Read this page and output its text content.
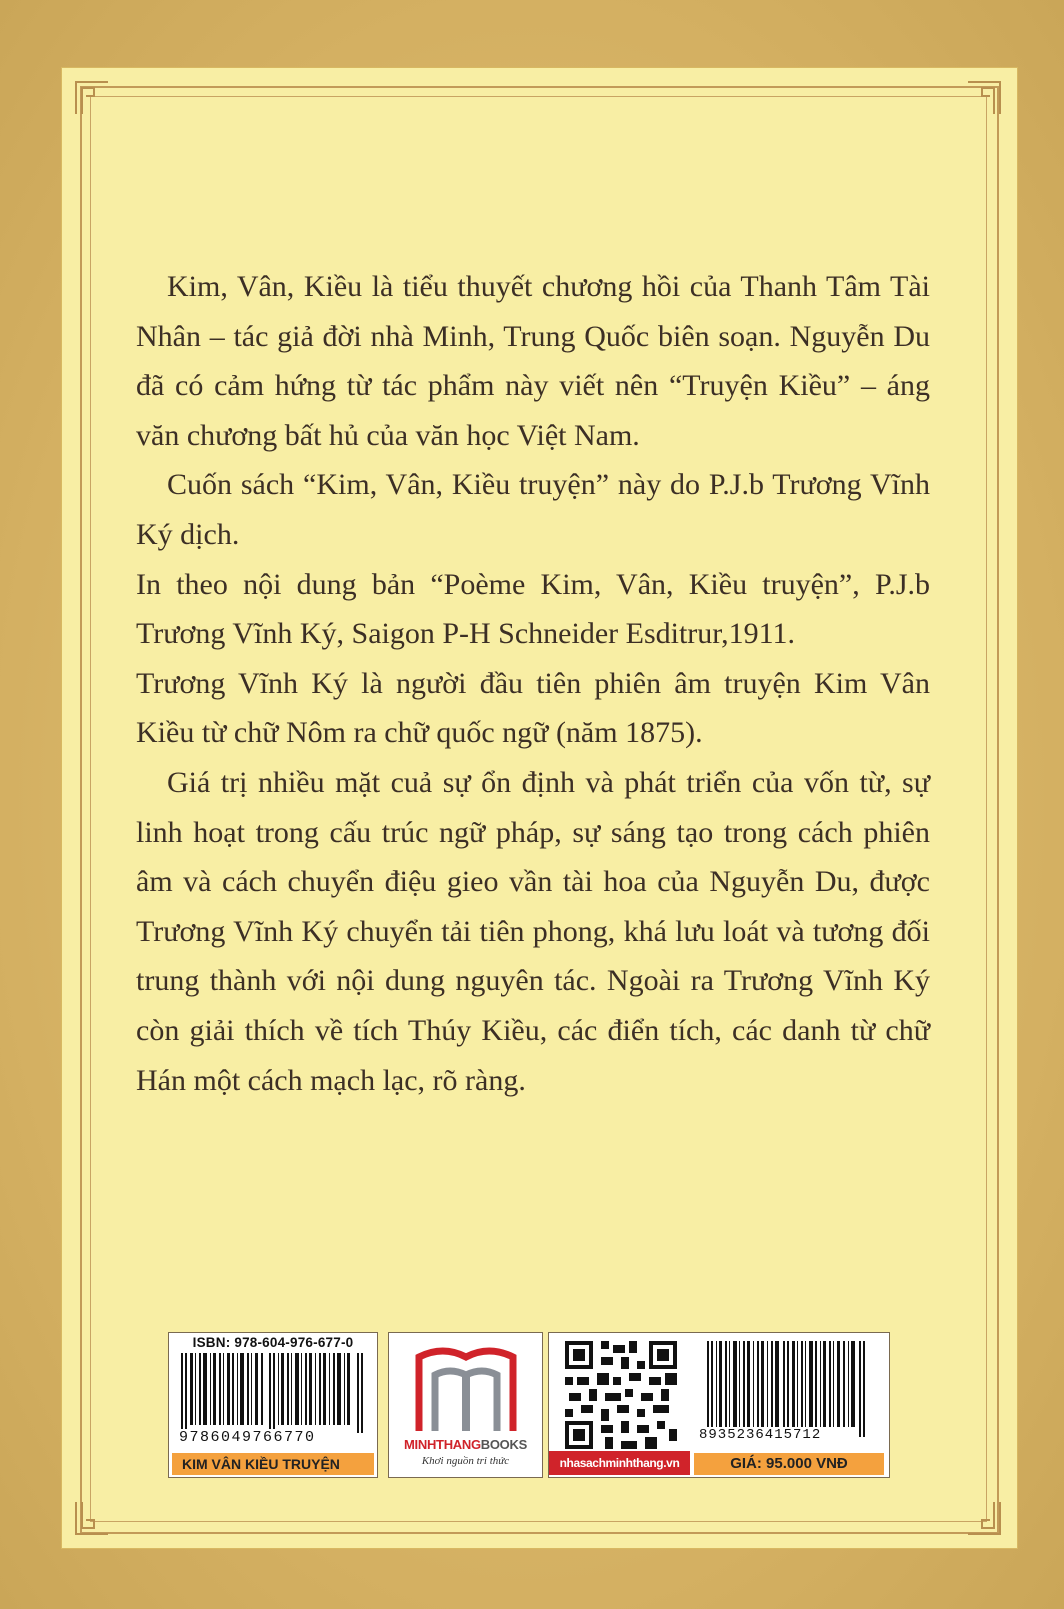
Kim, Vân, Kiều là tiểu thuyết chương hồi của Thanh Tâm Tài Nhân – tác giả đời nhà Minh, Trung Quốc biên soạn. Nguyễn Du đã có cảm hứng từ tác phẩm này viết nên “Truyện Kiều” – áng văn chương bất hủ của văn học Việt Nam.

Cuốn sách “Kim, Vân, Kiều truyện” này do P.J.b Trương Vĩnh Ký dịch.

In theo nội dung bản “Poème Kim, Vân, Kiều truyện”, P.J.b Trương Vĩnh Ký, Saigon P-H Schneider Esditrur,1911.

Trương Vĩnh Ký là người đầu tiên phiên âm truyện Kim Vân Kiều từ chữ Nôm ra chữ quốc ngữ (năm 1875).

Giá trị nhiều mặt cuả sự ổn định và phát triển của vốn từ, sự linh hoạt trong cấu trúc ngữ pháp, sự sáng tạo trong cách phiên âm và cách chuyển điệu gieo vần tài hoa của Nguyễn Du, được Trương Vĩnh Ký chuyển tải tiên phong, khá lưu loát và tương đối trung thành với nội dung nguyên tác. Ngoài ra Trương Vĩnh Ký còn giải thích về tích Thúy Kiều, các điển tích, các danh từ chữ Hán một cách mạch lạc, rõ ràng.

ISBN: 978-604-976-677-0
9786049766770
KIM VÂN KIỀU TRUYỆN
MINHTHANGBOOKS
Khơi nguồn tri thức
8935236415712
nhasachminhthang.vn	GIÁ: 95.000 VNĐ
